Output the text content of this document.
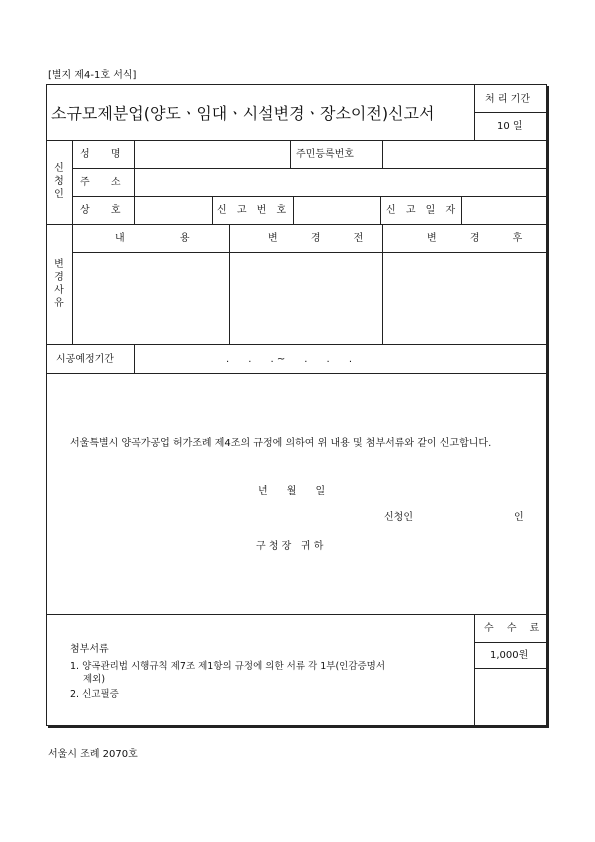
[별지 제4-1호 서식]
소규모제분업(양도ㆍ임대ㆍ시설변경ㆍ장소이전)신고서
처 리 기간
10 일
신
청
인
성 명	주민등록번호
주 소
상 호	신 고 번 호	신 고 일 자
변
경
사
유
내 용	변 경 전	변 경 후
시공예정기간	.      .      . ~      .      .      .
서울특별시 양곡가공업 허가조례 제4조의 규정에 의하여 위 내용 및 첨부서류와 같이 신고합니다.
년      월      일
신청인	인
구 청 장   귀 하
첨부서류
1. 양곡관리법 시행규칙 제7조 제1항의 규정에 의한 서류 각 1부(인감증명서
제외)
2. 신고필증
수 수 료
1,000원
서울시 조례 2070호
